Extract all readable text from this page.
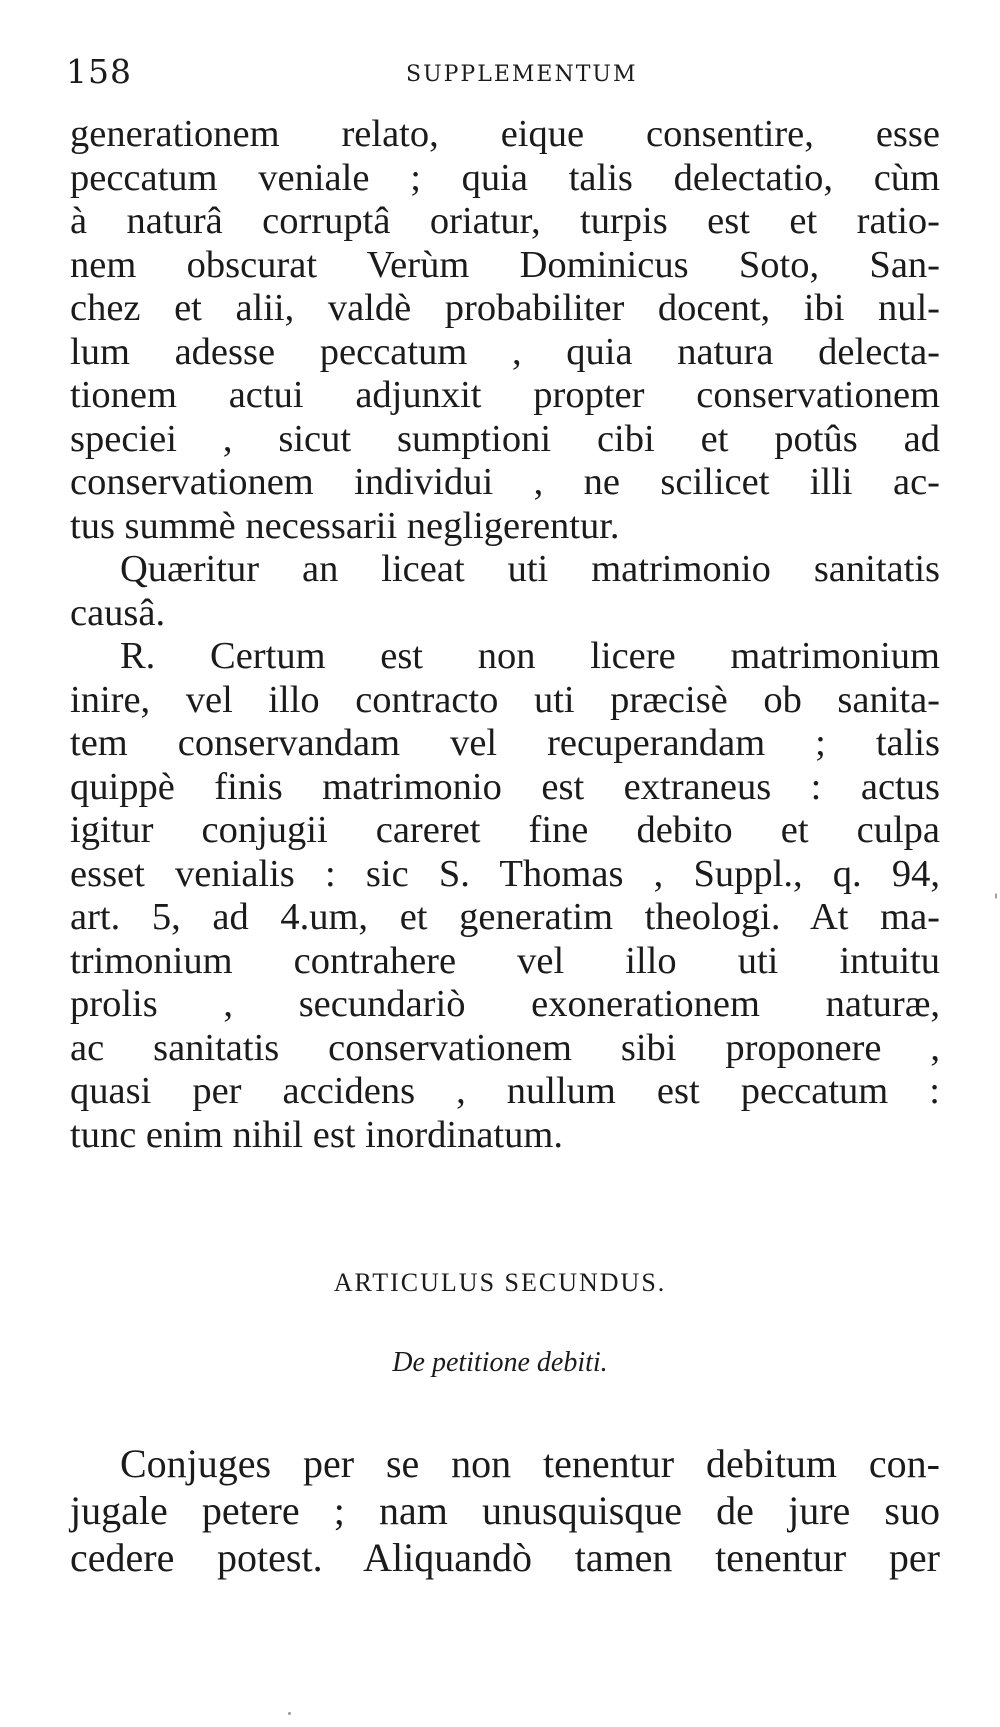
158	SUPPLEMENTUM
generationem relato, eique consentire, esse
peccatum veniale ; quia talis delectatio, cùm
à naturâ corruptâ oriatur, turpis est et ratio-
nem obscurat Verùm Dominicus Soto, San-
chez et alii, valdè probabiliter docent, ibi nul-
lum adesse peccatum , quia natura delecta-
tionem actui adjunxit propter conservationem
speciei , sicut sumptioni cibi et potûs ad
conservationem individui , ne scilicet illi ac-
tus summè necessarii negligerentur.
Quæritur an liceat uti matrimonio sanitatis
causâ.
R. Certum est non licere matrimonium
inire, vel illo contracto uti præcisè ob sanita-
tem conservandam vel recuperandam ; talis
quippè finis matrimonio est extraneus : actus
igitur conjugii careret fine debito et culpa
esset venialis : sic S. Thomas , Suppl., q. 94,
art. 5, ad 4.um, et generatim theologi. At ma-
trimonium contrahere vel illo uti intuitu
prolis , secundariò exonerationem naturæ,
ac sanitatis conservationem sibi proponere ,
quasi per accidens , nullum est peccatum :
tunc enim nihil est inordinatum.
ARTICULUS SECUNDUS.
De petitione debiti.
Conjuges per se non tenentur debitum con-
jugale petere ; nam unusquisque de jure suo
cedere potest. Aliquandò tamen tenentur per
